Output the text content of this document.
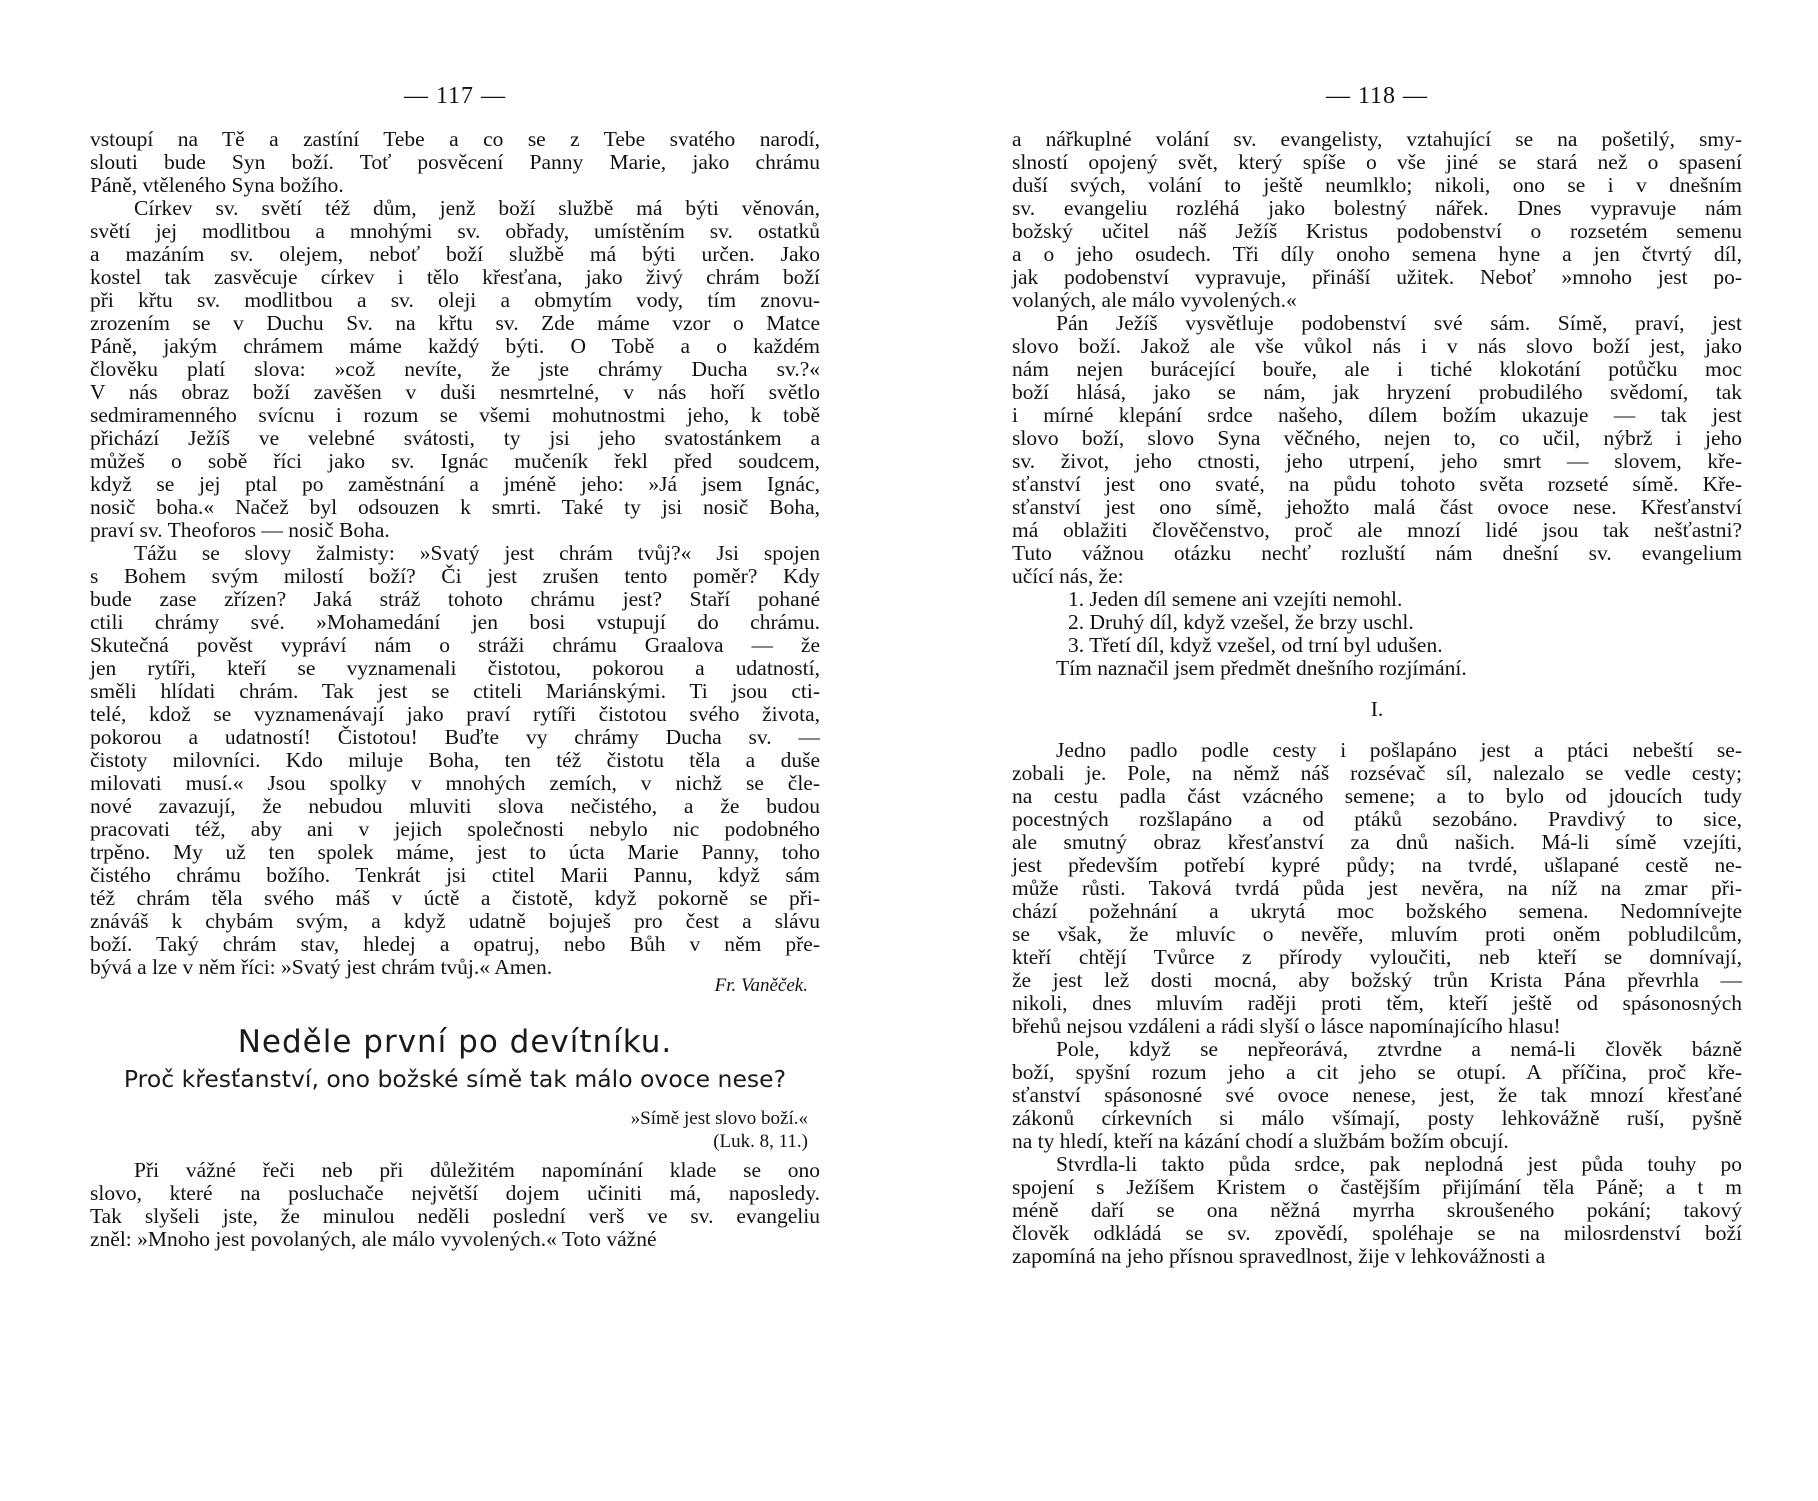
— 117 —

vstoupí na Tě a zastíní Tebe a co se z Tebe svatého narodí,

slouti bude Syn boží. Toť posvěcení Panny Marie, jako chrámu

Páně, vtěleného Syna božího.

Církev sv. světí též dům, jenž boží službě má býti věnován,

světí jej modlitbou a mnohými sv. obřady, umístěním sv. ostatků

a mazáním sv. olejem, neboť boží službě má býti určen. Jako

kostel tak zasvěcuje církev i tělo křesťana, jako živý chrám boží

při křtu sv. modlitbou a sv. oleji a obmytím vody, tím znovu-

zrozením se v Duchu Sv. na křtu sv. Zde máme vzor o Matce

Páně, jakým chrámem máme každý býti. O Tobě a o každém

člověku platí slova: »což nevíte, že jste chrámy Ducha sv.?«

V nás obraz boží zavěšen v duši nesmrtelné, v nás hoří světlo

sedmiramenného svícnu i rozum se všemi mohutnostmi jeho, k tobě

přichází Ježíš ve velebné svátosti, ty jsi jeho svatostánkem a

můžeš o sobě říci jako sv. Ignác mučeník řekl před soudcem,

když se jej ptal po zaměstnání a jméně jeho: »Já jsem Ignác,

nosič boha.« Načež byl odsouzen k smrti. Také ty jsi nosič Boha,

praví sv. Theoforos — nosič Boha.

Tážu se slovy žalmisty: »Svatý jest chrám tvůj?« Jsi spojen

s Bohem svým milostí boží? Či jest zrušen tento poměr? Kdy

bude zase zřízen? Jaká stráž tohoto chrámu jest? Staří pohané

ctili chrámy své. »Mohamedání jen bosi vstupují do chrámu.

Skutečná pověst vypráví nám o stráži chrámu Graalova — že

jen rytíři, kteří se vyznamenali čistotou, pokorou a udatností,

směli hlídati chrám. Tak jest se ctiteli Mariánskými. Ti jsou cti-

telé, kdož se vyznamenávají jako praví rytíři čistotou svého života,

pokorou a udatností! Čistotou! Buďte vy chrámy Ducha sv. —

čistoty milovníci. Kdo miluje Boha, ten též čistotu těla a duše

milovati musí.« Jsou spolky v mnohých zemích, v nichž se čle-

nové zavazují, že nebudou mluviti slova nečistého, a že budou

pracovati též, aby ani v jejich společnosti nebylo nic podobného

trpěno. My už ten spolek máme, jest to úcta Marie Panny, toho

čistého chrámu božího. Tenkrát jsi ctitel Marii Pannu, když sám

též chrám těla svého máš v úctě a čistotě, když pokorně se při-

znáváš k chybám svým, a když udatně bojuješ pro čest a slávu

boží. Taký chrám stav, hledej a opatruj, nebo Bůh v něm pře-

bývá a lze v něm říci: »Svatý jest chrám tvůj.« Amen.

Fr. Vaněček.
Neděle první po devítníku.
Proč křesťanství, ono božské símě tak málo ovoce nese?
»Símě jest slovo boží.«
(Luk. 8, 11.)

Při vážné řeči neb při důležitém napomínání klade se ono

slovo, které na posluchače největší dojem učiniti má, naposledy.

Tak slyšeli jste, že minulou neděli poslední verš ve sv. evangeliu

zněl: »Mnoho jest povolaných, ale málo vyvolených.« Toto vážné

— 118 —

a nářkuplné volání sv. evangelisty, vztahující se na pošetilý, smy-

slností opojený svět, který spíše o vše jiné se stará než o spasení

duší svých, volání to ještě neumlklo; nikoli, ono se i v dnešním

sv. evangeliu rozléhá jako bolestný nářek. Dnes vypravuje nám

božský učitel náš Ježíš Kristus podobenství o rozsetém semenu

a o jeho osudech. Tři díly onoho semena hyne a jen čtvrtý díl,

jak podobenství vypravuje, přináší užitek. Neboť »mnoho jest po-

volaných, ale málo vyvolených.«

Pán Ježíš vysvětluje podobenství své sám. Símě, praví, jest

slovo boží. Jakož ale vše vůkol nás i v nás slovo boží jest, jako

nám nejen burácející bouře, ale i tiché klokotání potůčku moc

boží hlásá, jako se nám, jak hryzení probudilého svědomí, tak

i mírné klepání srdce našeho, dílem božím ukazuje — tak jest

slovo boží, slovo Syna věčného, nejen to, co učil, nýbrž i jeho

sv. život, jeho ctnosti, jeho utrpení, jeho smrt — slovem, kře-

sťanství jest ono svaté, na půdu tohoto světa rozseté símě. Kře-

sťanství jest ono símě, jehožto malá část ovoce nese. Křesťanství

má oblažiti člověčenstvo, proč ale mnozí lidé jsou tak nešťastni?

Tuto vážnou otázku nechť rozluští nám dnešní sv. evangelium

učící nás, že:

1. Jeden díl semene ani vzejíti nemohl.

2. Druhý díl, když vzešel, že brzy uschl.

3. Třetí díl, když vzešel, od trní byl udušen.

Tím naznačil jsem předmět dnešního rozjímání.

I.

Jedno padlo podle cesty i pošlapáno jest a ptáci nebeští se-

zobali je. Pole, na němž náš rozsévač síl, nalezalo se vedle cesty;

na cestu padla část vzácného semene; a to bylo od jdoucích tudy

pocestných rozšlapáno a od ptáků sezobáno. Pravdivý to sice,

ale smutný obraz křesťanství za dnů našich. Má-li símě vzejíti,

jest především potřebí kypré půdy; na tvrdé, ušlapané cestě ne-

může růsti. Taková tvrdá půda jest nevěra, na níž na zmar při-

chází požehnání a ukrytá moc božského semena. Nedomnívejte

se však, že mluvíc o nevěře, mluvím proti oněm pobludilcům,

kteří chtějí Tvůrce z přírody vyloučiti, neb kteří se domnívají,

že jest lež dosti mocná, aby božský trůn Krista Pána převrhla —

nikoli, dnes mluvím raději proti těm, kteří ještě od spásonosných

břehů nejsou vzdáleni a rádi slyší o lásce napomínajícího hlasu!

Pole, když se nepřeorává, ztvrdne a nemá-li člověk bázně

boží, spyšní rozum jeho a cit jeho se otupí. A příčina, proč kře-

sťanství spásonosné své ovoce nenese, jest, že tak mnozí křesťané

zákonů církevních si málo všímají, posty lehkovážně ruší, pyšně

na ty hledí, kteří na kázání chodí a službám božím obcují.

Stvrdla-li takto půda srdce, pak neplodná jest půda touhy po

spojení s Ježíšem Kristem o častějším přijímání těla Páně; a t m

méně daří se ona něžná myrrha skroušeného pokání; takový

člověk odkládá se sv. zpovědí, spoléhaje se na milosrdenství boží

zapomíná na jeho přísnou spravedlnost, žije v lehkovážnosti a
